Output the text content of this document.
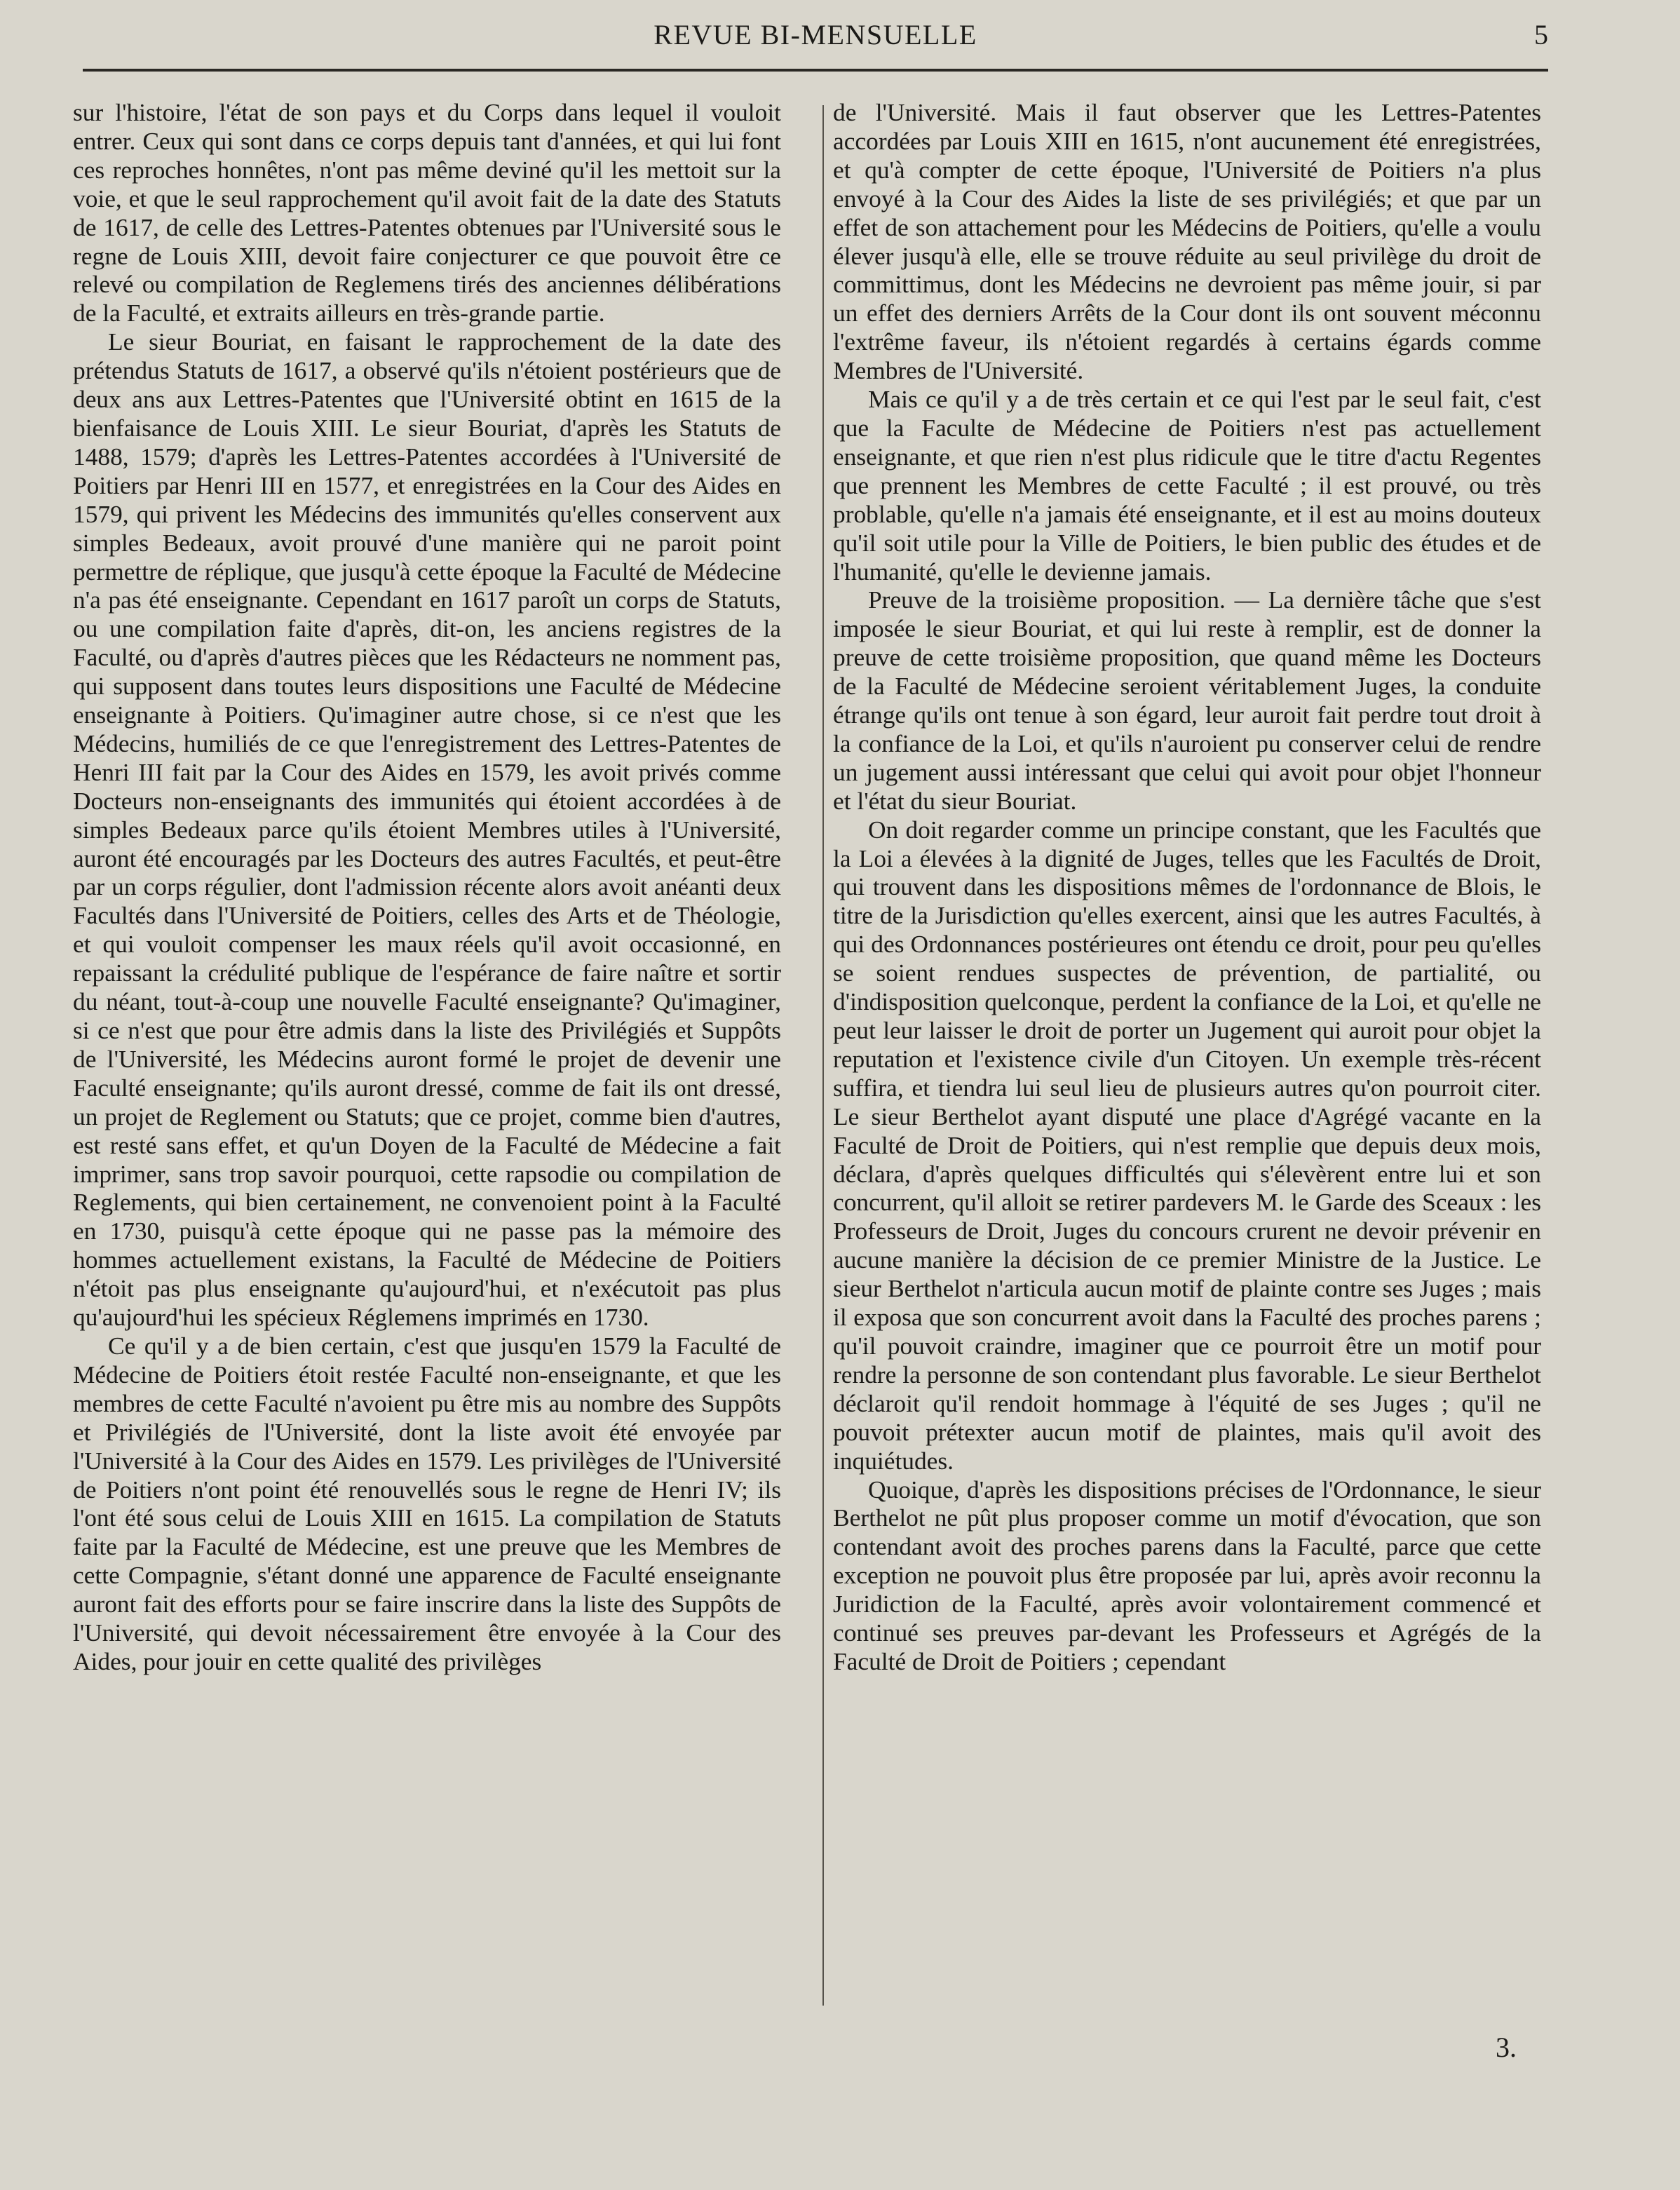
REVUE BI-MENSUELLE	5

sur l'histoire, l'état de son pays et du Corps dans lequel il vouloit entrer. Ceux qui sont dans ce corps depuis tant d'années, et qui lui font ces reproches honnêtes, n'ont pas même deviné qu'il les mettoit sur la voie, et que le seul rapprochement qu'il avoit fait de la date des Statuts de 1617, de celle des Lettres-Patentes obtenues par l'Université sous le regne de Louis XIII, devoit faire conjecturer ce que pouvoit être ce relevé ou compilation de Reglemens tirés des anciennes délibérations de la Faculté, et extraits ailleurs en très-grande partie.

Le sieur Bouriat, en faisant le rapprochement de la date des prétendus Statuts de 1617, a observé qu'ils n'étoient postérieurs que de deux ans aux Lettres-Patentes que l'Université obtint en 1615 de la bienfaisance de Louis XIII. Le sieur Bouriat, d'après les Statuts de 1488, 1579; d'après les Lettres-Patentes accordées à l'Université de Poitiers par Henri III en 1577, et enregistrées en la Cour des Aides en 1579, qui privent les Médecins des immunités qu'elles conservent aux simples Bedeaux, avoit prouvé d'une manière qui ne paroit point permettre de réplique, que jusqu'à cette époque la Faculté de Médecine n'a pas été enseignante. Cependant en 1617 paroît un corps de Statuts, ou une compilation faite d'après, dit-on, les anciens registres de la Faculté, ou d'après d'autres pièces que les Rédacteurs ne nomment pas, qui supposent dans toutes leurs dispositions une Faculté de Médecine enseignante à Poitiers. Qu'imaginer autre chose, si ce n'est que les Médecins, humiliés de ce que l'enregistrement des Lettres-Patentes de Henri III fait par la Cour des Aides en 1579, les avoit privés comme Docteurs non-enseignants des immunités qui étoient accordées à de simples Bedeaux parce qu'ils étoient Membres utiles à l'Université, auront été encouragés par les Docteurs des autres Facultés, et peut-être par un corps régulier, dont l'admission récente alors avoit anéanti deux Facultés dans l'Université de Poitiers, celles des Arts et de Théologie, et qui vouloit compenser les maux réels qu'il avoit occasionné, en repaissant la crédulité publique de l'espérance de faire naître et sortir du néant, tout-à-coup une nouvelle Faculté enseignante? Qu'imaginer, si ce n'est que pour être admis dans la liste des Privilégiés et Suppôts de l'Université, les Médecins auront formé le projet de devenir une Faculté enseignante; qu'ils auront dressé, comme de fait ils ont dressé, un projet de Reglement ou Statuts; que ce projet, comme bien d'autres, est resté sans effet, et qu'un Doyen de la Faculté de Médecine a fait imprimer, sans trop savoir pourquoi, cette rapsodie ou compilation de Reglements, qui bien certainement, ne convenoient point à la Faculté en 1730, puisqu'à cette époque qui ne passe pas la mémoire des hommes actuellement existans, la Faculté de Médecine de Poitiers n'étoit pas plus enseignante qu'aujourd'hui, et n'exécutoit pas plus qu'aujourd'hui les spécieux Réglemens imprimés en 1730.

Ce qu'il y a de bien certain, c'est que jusqu'en 1579 la Faculté de Médecine de Poitiers étoit restée Faculté non-enseignante, et que les membres de cette Faculté n'avoient pu être mis au nombre des Suppôts et Privilégiés de l'Université, dont la liste avoit été envoyée par l'Université à la Cour des Aides en 1579. Les privilèges de l'Université de Poitiers n'ont point été renouvellés sous le regne de Henri IV; ils l'ont été sous celui de Louis XIII en 1615. La compilation de Statuts faite par la Faculté de Médecine, est une preuve que les Membres de cette Compagnie, s'étant donné une apparence de Faculté enseignante auront fait des efforts pour se faire inscrire dans la liste des Suppôts de l'Université, qui devoit nécessairement être envoyée à la Cour des Aides, pour jouir en cette qualité des privilèges

de l'Université. Mais il faut observer que les Lettres-Patentes accordées par Louis XIII en 1615, n'ont aucunement été enregistrées, et qu'à compter de cette époque, l'Université de Poitiers n'a plus envoyé à la Cour des Aides la liste de ses privilégiés; et que par un effet de son attachement pour les Médecins de Poitiers, qu'elle a voulu élever jusqu'à elle, elle se trouve réduite au seul privilège du droit de committimus, dont les Médecins ne devroient pas même jouir, si par un effet des derniers Arrêts de la Cour dont ils ont souvent méconnu l'extrême faveur, ils n'étoient regardés à certains égards comme Membres de l'Université.

Mais ce qu'il y a de très certain et ce qui l'est par le seul fait, c'est que la Faculte de Médecine de Poitiers n'est pas actuellement enseignante, et que rien n'est plus ridicule que le titre d'actu Regentes que prennent les Membres de cette Faculté ; il est prouvé, ou très problable, qu'elle n'a jamais été enseignante, et il est au moins douteux qu'il soit utile pour la Ville de Poitiers, le bien public des études et de l'humanité, qu'elle le devienne jamais.

Preuve de la troisième proposition. — La dernière tâche que s'est imposée le sieur Bouriat, et qui lui reste à remplir, est de donner la preuve de cette troisième proposition, que quand même les Docteurs de la Faculté de Médecine seroient véritablement Juges, la conduite étrange qu'ils ont tenue à son égard, leur auroit fait perdre tout droit à la confiance de la Loi, et qu'ils n'auroient pu conserver celui de rendre un jugement aussi intéressant que celui qui avoit pour objet l'honneur et l'état du sieur Bouriat.

On doit regarder comme un principe constant, que les Facultés que la Loi a élevées à la dignité de Juges, telles que les Facultés de Droit, qui trouvent dans les dispositions mêmes de l'ordonnance de Blois, le titre de la Jurisdiction qu'elles exercent, ainsi que les autres Facultés, à qui des Ordonnances postérieures ont étendu ce droit, pour peu qu'elles se soient rendues suspectes de prévention, de partialité, ou d'indisposition quelconque, perdent la confiance de la Loi, et qu'elle ne peut leur laisser le droit de porter un Jugement qui auroit pour objet la reputation et l'existence civile d'un Citoyen. Un exemple très-récent suffira, et tiendra lui seul lieu de plusieurs autres qu'on pourroit citer. Le sieur Berthelot ayant disputé une place d'Agrégé vacante en la Faculté de Droit de Poitiers, qui n'est remplie que depuis deux mois, déclara, d'après quelques difficultés qui s'élevèrent entre lui et son concurrent, qu'il alloit se retirer pardevers M. le Garde des Sceaux : les Professeurs de Droit, Juges du concours crurent ne devoir prévenir en aucune manière la décision de ce premier Ministre de la Justice. Le sieur Berthelot n'articula aucun motif de plainte contre ses Juges ; mais il exposa que son concurrent avoit dans la Faculté des proches parens ; qu'il pouvoit craindre, imaginer que ce pourroit être un motif pour rendre la personne de son contendant plus favorable. Le sieur Berthelot déclaroit qu'il rendoit hommage à l'équité de ses Juges ; qu'il ne pouvoit prétexter aucun motif de plaintes, mais qu'il avoit des inquiétudes.

Quoique, d'après les dispositions précises de l'Ordonnance, le sieur Berthelot ne pût plus proposer comme un motif d'évocation, que son contendant avoit des proches parens dans la Faculté, parce que cette exception ne pouvoit plus être proposée par lui, après avoir reconnu la Juridiction de la Faculté, après avoir volontairement commencé et continué ses preuves par-devant les Professeurs et Agrégés de la Faculté de Droit de Poitiers ; cependant

3.
